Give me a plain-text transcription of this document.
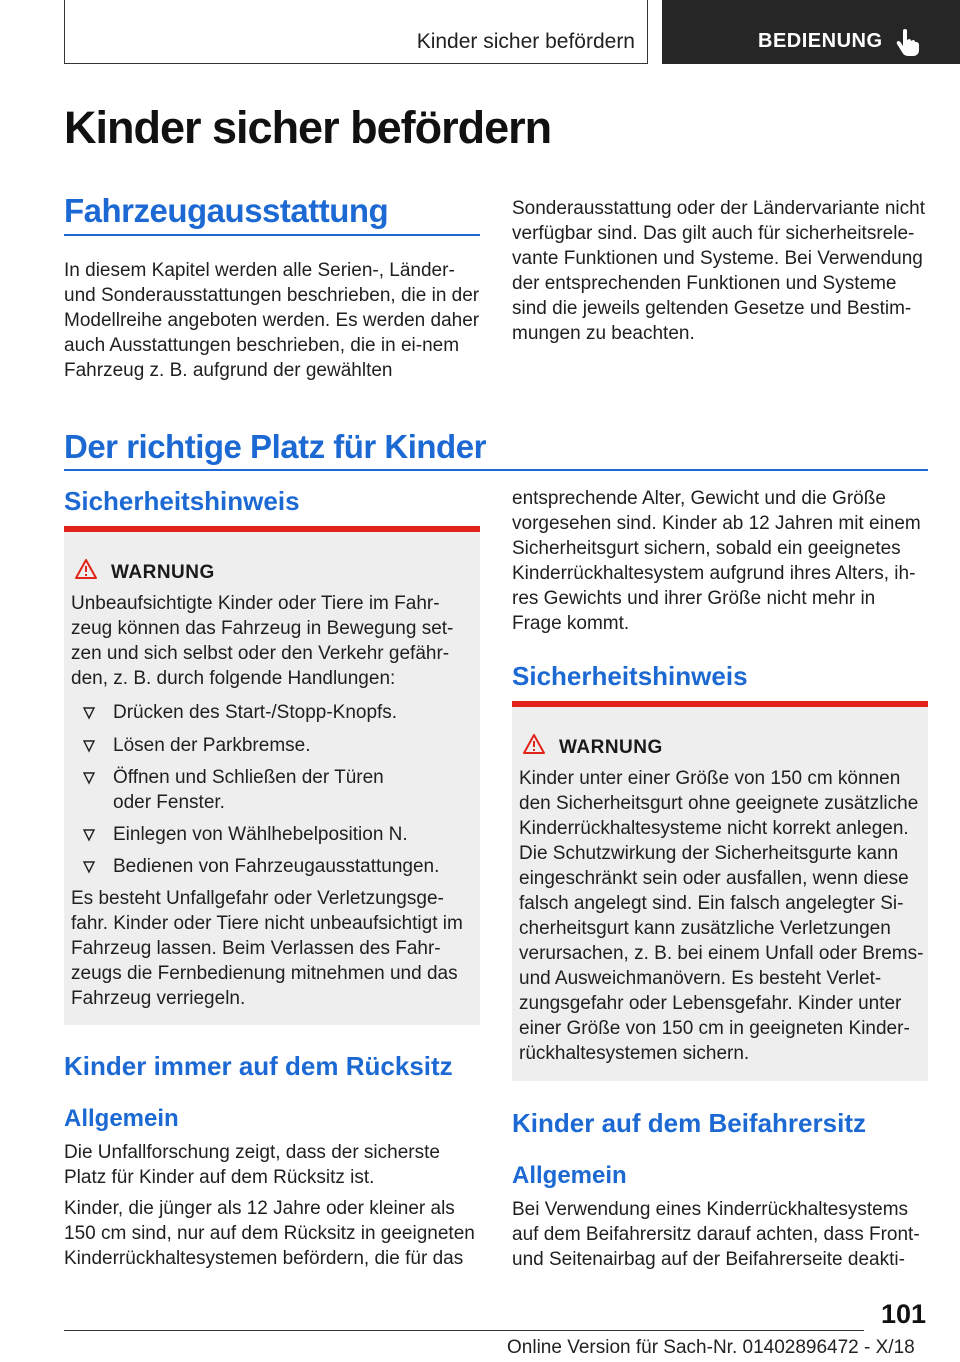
Kinder sicher befördern	BEDIENUNG
Kinder sicher befördern
Fahrzeugausstattung

In diesem Kapitel werden alle Serien-, Länder- und Sonderausstattungen beschrieben, die in der Modellreihe angeboten werden. Es werden daher auch Ausstattungen beschrieben, die in ei-nem Fahrzeug z. B. aufgrund der gewählten

Sonderausstattung oder der Ländervariante nicht verfügbar sind. Das gilt auch für sicherheitsrele-vante Funktionen und Systeme. Bei Verwendung der entsprechenden Funktionen und Systeme sind die jeweils geltenden Gesetze und Bestim-mungen zu beachten.

Der richtige Platz für Kinder
Sicherheitshinweis
WARNUNG

Unbeaufsichtigte Kinder oder Tiere im Fahr-zeug können das Fahrzeug in Bewegung set-zen und sich selbst oder den Verkehr gefähr-den, z. B. durch folgende Handlungen:

Drücken des Start-/Stopp-Knopfs.
Lösen der Parkbremse.
Öffnen und Schließen der Türen oder Fenster.
Einlegen von Wählhebelposition N.
Bedienen von Fahrzeugausstattungen.

Es besteht Unfallgefahr oder Verletzungsge-fahr. Kinder oder Tiere nicht unbeaufsichtigt im Fahrzeug lassen. Beim Verlassen des Fahr-zeugs die Fernbedienung mitnehmen und das Fahrzeug verriegeln.

Kinder immer auf dem Rücksitz
Allgemein

Die Unfallforschung zeigt, dass der sicherste Platz für Kinder auf dem Rücksitz ist.

Kinder, die jünger als 12 Jahre oder kleiner als 150 cm sind, nur auf dem Rücksitz in geeigneten Kinderrückhaltesystemen befördern, die für das

entsprechende Alter, Gewicht und die Größe vorgesehen sind. Kinder ab 12 Jahren mit einem Sicherheitsgurt sichern, sobald ein geeignetes Kinderrückhaltesystem aufgrund ihres Alters, ih-res Gewichts und ihrer Größe nicht mehr in Frage kommt.

Sicherheitshinweis
WARNUNG

Kinder unter einer Größe von 150 cm können den Sicherheitsgurt ohne geeignete zusätzliche Kinderrückhaltesysteme nicht korrekt anlegen. Die Schutzwirkung der Sicherheitsgurte kann eingeschränkt sein oder ausfallen, wenn diese falsch angelegt sind. Ein falsch angelegter Si-cherheitsgurt kann zusätzliche Verletzungen verursachen, z. B. bei einem Unfall oder Brems- und Ausweichmanövern. Es besteht Verlet-zungsgefahr oder Lebensgefahr. Kinder unter einer Größe von 150 cm in geeigneten Kinder-rückhaltesystemen sichern.

Kinder auf dem Beifahrersitz
Allgemein

Bei Verwendung eines Kinderrückhaltesystems auf dem Beifahrersitz darauf achten, dass Front- und Seitenairbag auf der Beifahrerseite deakti-

101
Online Version für Sach-Nr. 01402896472 - X/18
